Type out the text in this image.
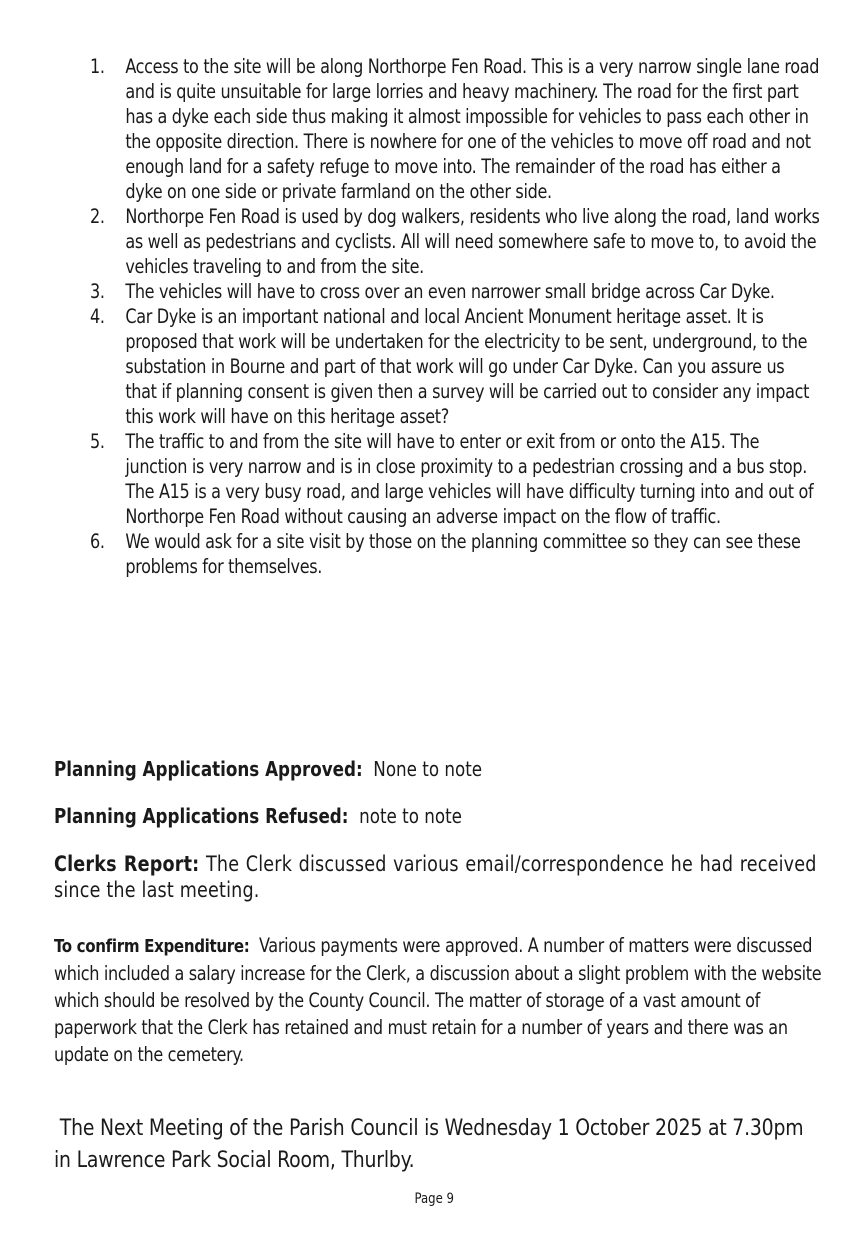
1.	Access to the site will be along Northorpe Fen Road. This is a very narrow single lane road and is quite unsuitable for large lorries and heavy machinery. The road for the first part has a dyke each side thus making it almost impossible for vehicles to pass each other in the opposite direction. There is nowhere for one of the vehicles to move off road and not enough land for a safety refuge to move into. The remainder of the road has either a dyke on one side or private farmland on the other side.
2.	Northorpe Fen Road is used by dog walkers, residents who live along the road, land works as well as pedestrians and cyclists. All will need somewhere safe to move to, to avoid the vehicles traveling to and from the site.
3.	The vehicles will have to cross over an even narrower small bridge across Car Dyke.
4.	Car Dyke is an important national and local Ancient Monument heritage asset. It is proposed that work will be undertaken for the electricity to be sent, underground, to the substation in Bourne and part of that work will go under Car Dyke. Can you assure us that if planning consent is given then a survey will be carried out to consider any impact this work will have on this heritage asset?
5.	The traffic to and from the site will have to enter or exit from or onto the A15. The junction is very narrow and is in close proximity to a pedestrian crossing and a bus stop. The A15 is a very busy road, and large vehicles will have difficulty turning into and out of Northorpe Fen Road without causing an adverse impact on the flow of traffic.
6.	We would ask for a site visit by those on the planning committee so they can see these problems for themselves.

Planning Applications Approved: None to note

Planning Applications Refused: note to note

Clerks Report: The Clerk discussed various email/correspondence he had received since the last meeting.

To confirm Expenditure: Various payments were approved. A number of matters were discussed which included a salary increase for the Clerk, a discussion about a slight problem with the website which should be resolved by the County Council. The matter of storage of a vast amount of paperwork that the Clerk has retained and must retain for a number of years and there was an update on the cemetery.

The Next Meeting of the Parish Council is Wednesday 1 October 2025 at 7.30pm in Lawrence Park Social Room, Thurlby.

Page 9
